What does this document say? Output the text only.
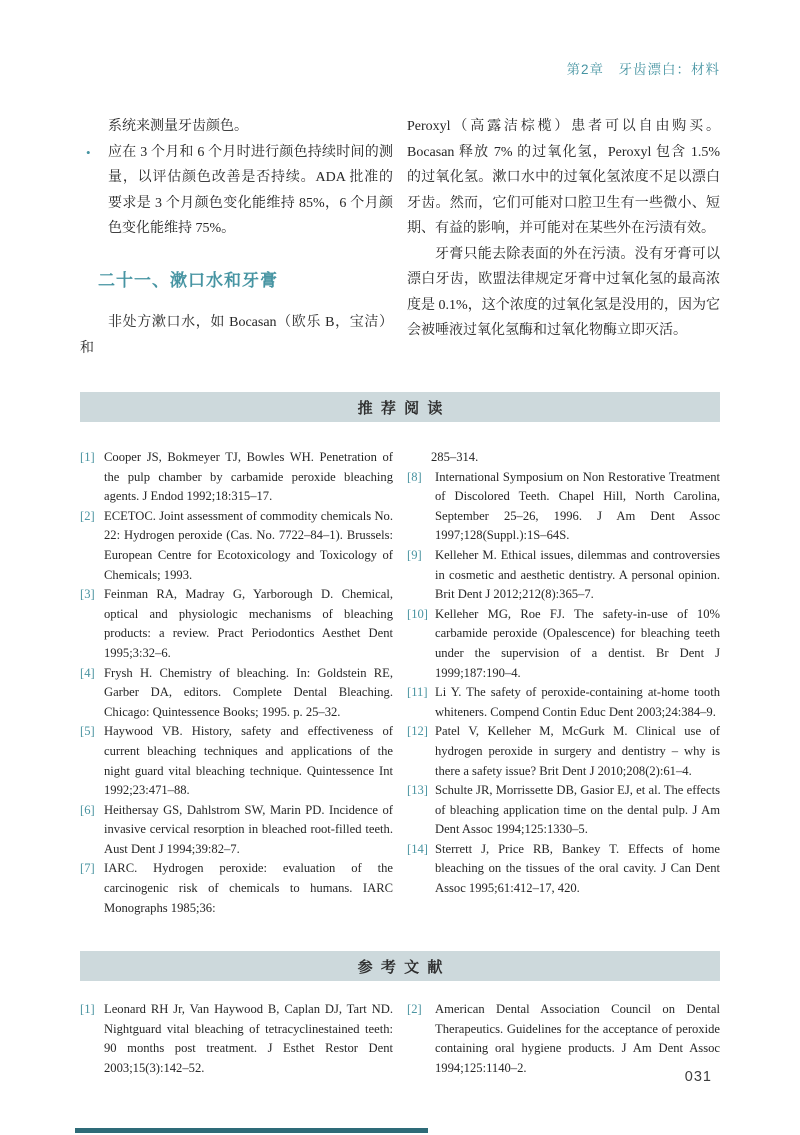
第2章　牙齿漂白：材料
系统来测量牙齿颜色。
• 应在 3 个月和 6 个月时进行颜色持续时间的测量，以评估颜色改善是否持续。ADA 批准的要求是 3 个月颜色变化能维持 85%，6 个月颜色变化能维持 75%。
二十一、漱口水和牙膏
非处方漱口水，如 Bocasan（欧乐 B，宝洁）和
Peroxyl（高露洁棕榄）患者可以自由购买。Bocasan 释放 7% 的过氧化氢，Peroxyl 包含 1.5% 的过氧化氢。漱口水中的过氧化氢浓度不足以漂白牙齿。然而，它们可能对口腔卫生有一些微小、短期、有益的影响，并可能对在某些外在污渍有效。
牙膏只能去除表面的外在污渍。没有牙膏可以漂白牙齿，欧盟法律规定牙膏中过氧化氢的最高浓度是 0.1%，这个浓度的过氧化氢是没用的，因为它会被唾液过氧化氢酶和过氧化物酶立即灭活。
推荐阅读
[1] Cooper JS, Bokmeyer TJ, Bowles WH. Penetration of the pulp chamber by carbamide peroxide bleaching agents. J Endod 1992;18:315–17.
[2] ECETOC. Joint assessment of commodity chemicals No. 22: Hydrogen peroxide (Cas. No. 7722–84–1). Brussels: European Centre for Ecotoxicology and Toxicology of Chemicals; 1993.
[3] Feinman RA, Madray G, Yarborough D. Chemical, optical and physiologic mechanisms of bleaching products: a review. Pract Periodontics Aesthet Dent 1995;3:32–6.
[4] Frysh H. Chemistry of bleaching. In: Goldstein RE, Garber DA, editors. Complete Dental Bleaching. Chicago: Quintessence Books; 1995. p. 25–32.
[5] Haywood VB. History, safety and effectiveness of current bleaching techniques and applications of the night guard vital bleaching technique. Quintessence Int 1992;23:471–88.
[6] Heithersay GS, Dahlstrom SW, Marin PD. Incidence of invasive cervical resorption in bleached root-filled teeth. Aust Dent J 1994;39:82–7.
[7] IARC. Hydrogen peroxide: evaluation of the carcinogenic risk of chemicals to humans. IARC Monographs 1985;36:
285–314.
[8] International Symposium on Non Restorative Treatment of Discolored Teeth. Chapel Hill, North Carolina, September 25–26, 1996. J Am Dent Assoc 1997;128(Suppl.):1S–64S.
[9] Kelleher M. Ethical issues, dilemmas and controversies in cosmetic and aesthetic dentistry. A personal opinion. Brit Dent J 2012;212(8):365–7.
[10] Kelleher MG, Roe FJ. The safety-in-use of 10% carbamide peroxide (Opalescence) for bleaching teeth under the supervision of a dentist. Br Dent J 1999;187:190–4.
[11] Li Y. The safety of peroxide-containing at-home tooth whiteners. Compend Contin Educ Dent 2003;24:384–9.
[12] Patel V, Kelleher M, McGurk M. Clinical use of hydrogen peroxide in surgery and dentistry – why is there a safety issue? Brit Dent J 2010;208(2):61–4.
[13] Schulte JR, Morrissette DB, Gasior EJ, et al. The effects of bleaching application time on the dental pulp. J Am Dent Assoc 1994;125:1330–5.
[14] Sterrett J, Price RB, Bankey T. Effects of home bleaching on the tissues of the oral cavity. J Can Dent Assoc 1995;61:412–17, 420.
参考文献
[1] Leonard RH Jr, Van Haywood B, Caplan DJ, Tart ND. Nightguard vital bleaching of tetracyclinestained teeth: 90 months post treatment. J Esthet Restor Dent 2003;15(3):142–52.
[2] American Dental Association Council on Dental Therapeutics. Guidelines for the acceptance of peroxide containing oral hygiene products. J Am Dent Assoc 1994;125:1140–2.
031
